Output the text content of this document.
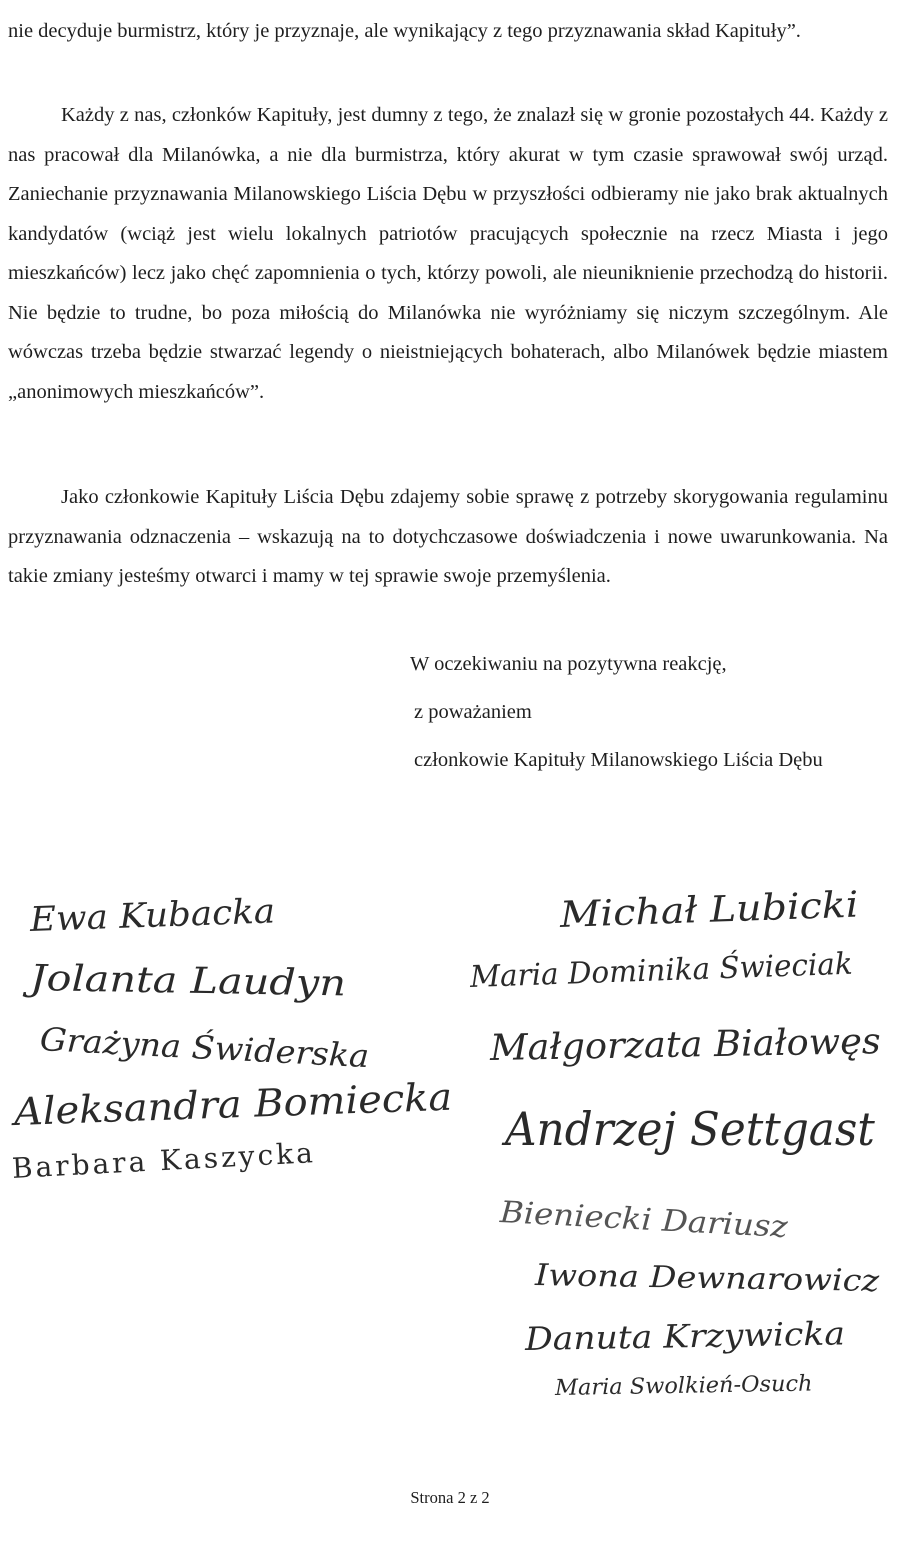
nie decyduje burmistrz, który je przyznaje, ale wynikający z tego przyznawania skład Kapituły”.

Każdy z nas, członków Kapituły, jest dumny z tego, że znalazł się w gronie pozostałych 44. Każdy z nas pracował dla Milanówka, a nie dla burmistrza, który akurat w tym czasie sprawował swój urząd. Zaniechanie przyznawania Milanowskiego Liścia Dębu w przyszłości odbieramy nie jako brak aktualnych kandydatów (wciąż jest wielu lokalnych patriotów pracujących społecznie na rzecz Miasta i jego mieszkańców) lecz jako chęć zapomnienia o tych, którzy powoli, ale nieuniknienie przechodzą do historii. Nie będzie to trudne, bo poza miłością do Milanówka nie wyróżniamy się niczym szczególnym. Ale wówczas trzeba będzie stwarzać legendy o nieistniejących bohaterach, albo Milanówek będzie miastem „anonimowych mieszkańców”.

Jako członkowie Kapituły Liścia Dębu zdajemy sobie sprawę z potrzeby skorygowania regulaminu przyznawania odznaczenia – wskazują na to dotychczasowe doświadczenia i nowe uwarunkowania. Na takie zmiany jesteśmy otwarci i mamy w tej sprawie swoje przemyślenia.

W oczekiwaniu na pozytywna reakcję,

z poważaniem

członkowie Kapituły Milanowskiego Liścia Dębu

Ewa Kubacka
Jolanta Laudyn
Grażyna Świderska
Aleksandra Bomiecka
Barbara Kaszycka
Michał Lubicki
Maria Dominika Świeciak
Małgorzata Białowęs
Andrzej Settgast
Bieniecki Dariusz
Iwona Dewnarowicz
Danuta Krzywicka
Maria Swolkień-Osuch
Strona 2 z 2
